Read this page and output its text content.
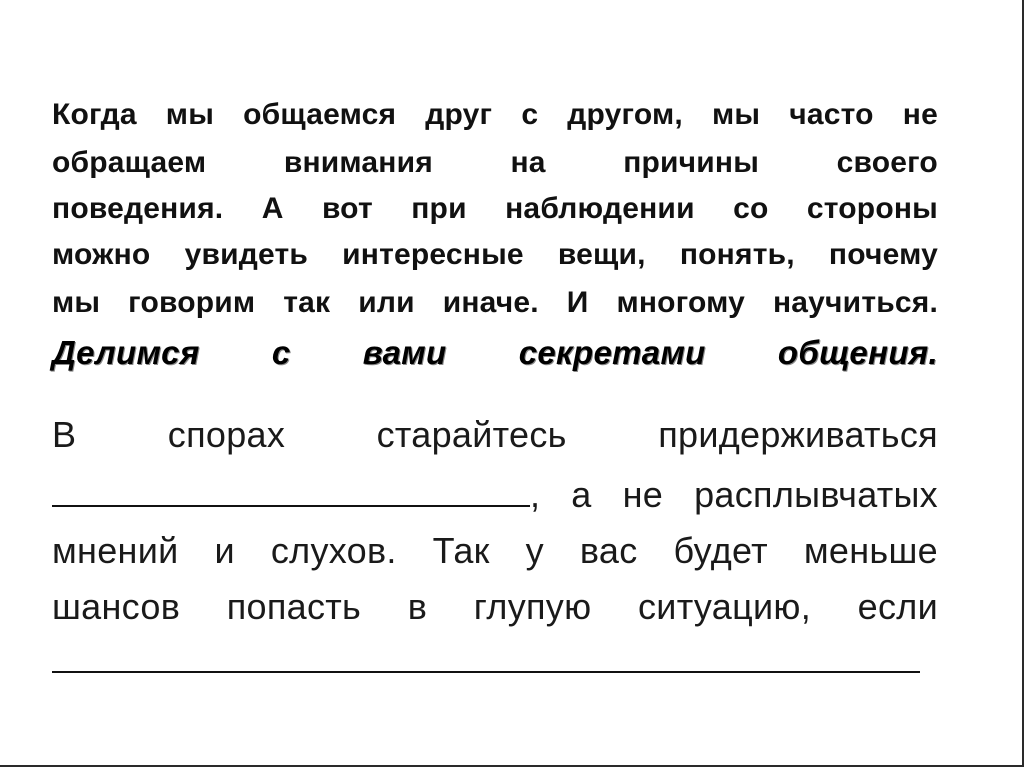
Когда мы общаемся друг с другом, мы часто не
обращаем	внимания	на	причины	своего
поведения. А вот при наблюдении со стороны
можно увидеть интересные вещи, понять, почему
мы говорим так или иначе. И многому научиться.
Делимся с вами секретами общения.
В	спорах	старайтесь	придерживаться
, а не расплывчатых
мнений и слухов. Так у вас будет меньше
шансов попасть в глупую ситуацию, если
